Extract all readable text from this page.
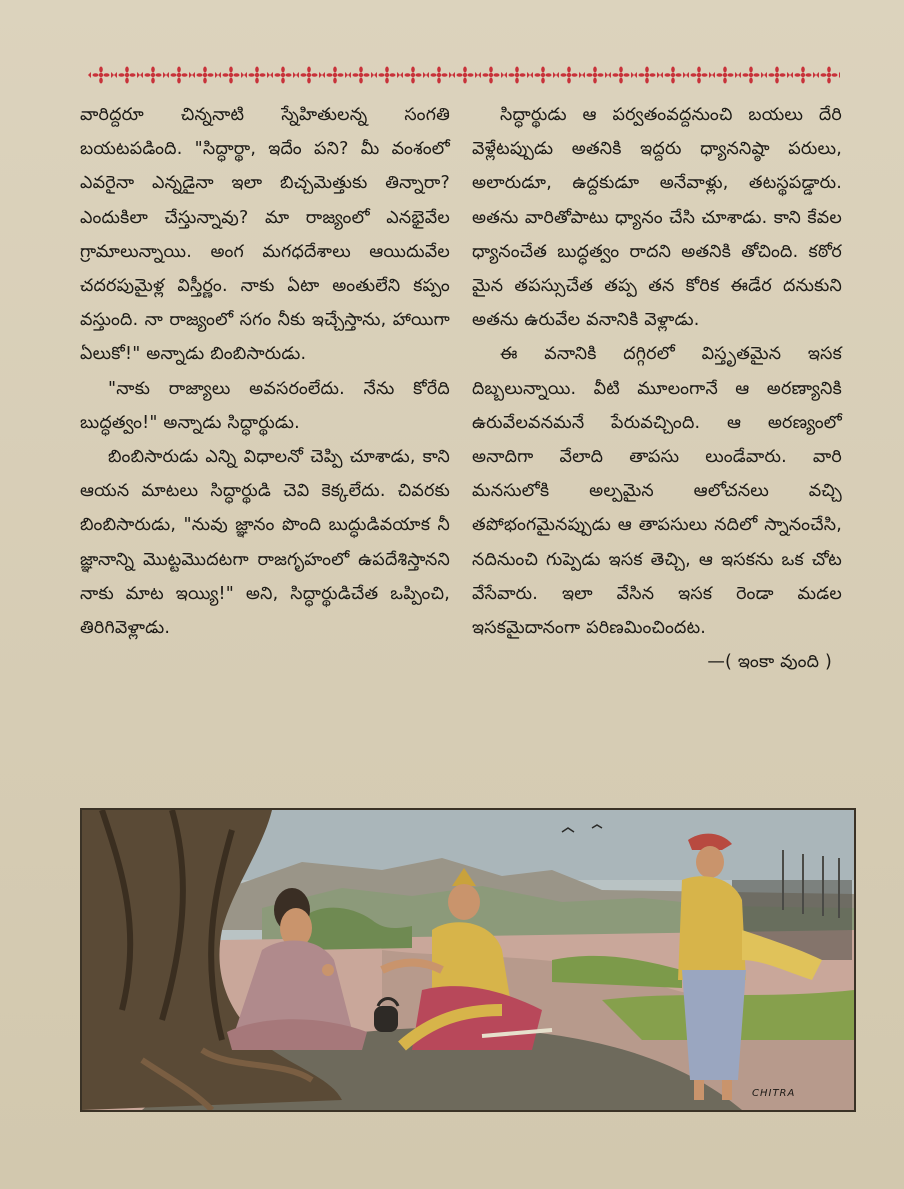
వారిద్దరూ చిన్ననాటి స్నేహితులన్న సంగతి బయటపడింది. "సిద్ధార్థా, ఇదేం పని? మీ వంశంలో ఎవరైనా ఎన్నడైనా ఇలా బిచ్చమెత్తుకు తిన్నారా? ఎందుకిలా చేస్తున్నావు? మా రాజ్యంలో ఎనభైవేల గ్రామాలున్నాయి. అంగ మగధదేశాలు ఆయిదువేల చదరపుమైళ్ల విస్తీర్ణం. నాకు ఏటా అంతులేని కప్పం వస్తుంది. నా రాజ్యంలో సగం నీకు ఇచ్చేస్తాను, హాయిగా ఏలుకో!" అన్నాడు బింబిసారుడు.

"నాకు రాజ్యాలు అవసరంలేదు. నేను కోరేది బుద్ధత్వం!" అన్నాడు సిద్ధార్థుడు.

బింబిసారుడు ఎన్ని విధాలనో చెప్పి చూశాడు, కాని ఆయన మాటలు సిద్ధార్థుడి చెవి కెక్కలేదు. చివరకు బింబిసారుడు, "నువు జ్ఞానం పొంది బుద్ధుడివయాక నీ జ్ఞానాన్ని మొట్టమొదటగా రాజగృహంలో ఉపదేశిస్తానని నాకు మాట ఇయ్యి!" అని, సిద్ధార్థుడిచేత ఒప్పించి, తిరిగివెళ్లాడు.

సిద్ధార్థుడు ఆ పర్వతంవద్దనుంచి బయలు దేరి వెళ్లేటప్పుడు అతనికి ఇద్దరు ధ్యాననిష్ఠా పరులు, అలారుడూ, ఉద్దకుడూ అనేవాళ్లు, తటస్థపడ్డారు. అతను వారితోపాటు ధ్యానం చేసి చూశాడు. కాని కేవల ధ్యానంచేత బుద్ధత్వం రాదని అతనికి తోచింది. కఠోర మైన తపస్సుచేత తప్ప తన కోరిక ఈడేర దనుకుని అతను ఉరువేల వనానికి వెళ్లాడు.

ఈ వనానికి దగ్గిరలో విస్తృతమైన ఇసక దిబ్బలున్నాయి. వీటి మూలంగానే ఆ అరణ్యానికి ఉరువేలవనమనే పేరువచ్చింది. ఆ అరణ్యంలో అనాదిగా వేలాది తాపసు లుండేవారు. వారి మనసులోకి అల్పమైన ఆలోచనలు వచ్చి తపోభంగమైనప్పుడు ఆ తాపసులు నదిలో స్నానంచేసి, నదినుంచి గుప్పెడు ఇసక తెచ్చి, ఆ ఇసకను ఒక చోట వేసేవారు. ఇలా వేసిన ఇసక రెండా మడల ఇసకమైదానంగా పరిణమించిందట.

—( ఇంకా వుంది )

CHITRA
